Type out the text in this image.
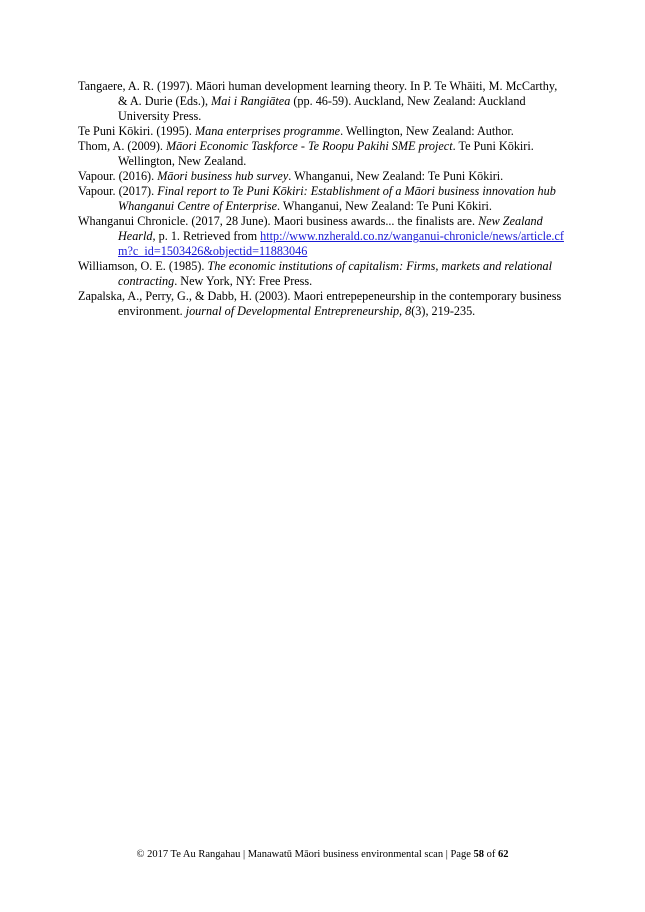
Tangaere, A. R. (1997). Māori human development learning theory. In P. Te Whāiti, M. McCarthy, & A. Durie (Eds.), Mai i Rangiātea (pp. 46-59). Auckland, New Zealand: Auckland University Press.

Te Puni Kōkiri. (1995). Mana enterprises programme. Wellington, New Zealand: Author.

Thom, A. (2009). Māori Economic Taskforce - Te Roopu Pakihi SME project. Te Puni Kōkiri. Wellington, New Zealand.

Vapour. (2016). Māori business hub survey. Whanganui, New Zealand: Te Puni Kōkiri.

Vapour. (2017). Final report to Te Puni Kōkiri: Establishment of a Māori business innovation hub Whanganui Centre of Enterprise. Whanganui, New Zealand: Te Puni Kōkiri.

Whanganui Chronicle. (2017, 28 June). Maori business awards... the finalists are. New Zealand Hearld, p. 1. Retrieved from http://www.nzherald.co.nz/wanganui-chronicle/news/article.cfm?c_id=1503426&objectid=11883046

Williamson, O. E. (1985). The economic institutions of capitalism: Firms, markets and relational contracting. New York, NY: Free Press.

Zapalska, A., Perry, G., & Dabb, H. (2003). Maori entrepepeneurship in the contemporary business environment. journal of Developmental Entrepreneurship, 8(3), 219-235.

© 2017 Te Au Rangahau | Manawatū Māori business environmental scan | Page 58 of 62
